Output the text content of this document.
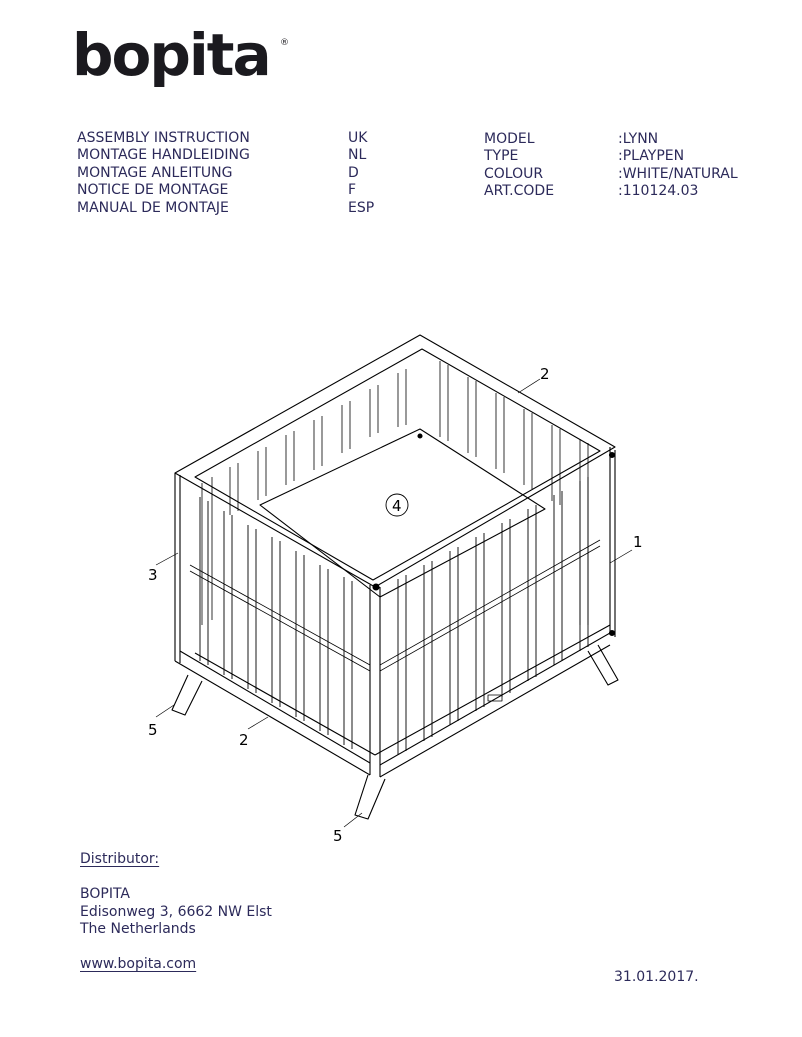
bopita ®
ASSEMBLY INSTRUCTION
MONTAGE HANDLEIDING
MONTAGE ANLEITUNG
NOTICE DE MONTAGE
MANUAL DE MONTAJE
UK
NL
D
F
ESP
MODEL
TYPE
COLOUR
ART.CODE
:LYNN
:PLAYPEN
:WHITE/NATURAL
:110124.03
2
1
3
4
5
2
5
Distributor:
BOPITA
Edisonweg 3, 6662 NW Elst
The Netherlands
www.bopita.com
31.01.2017.
